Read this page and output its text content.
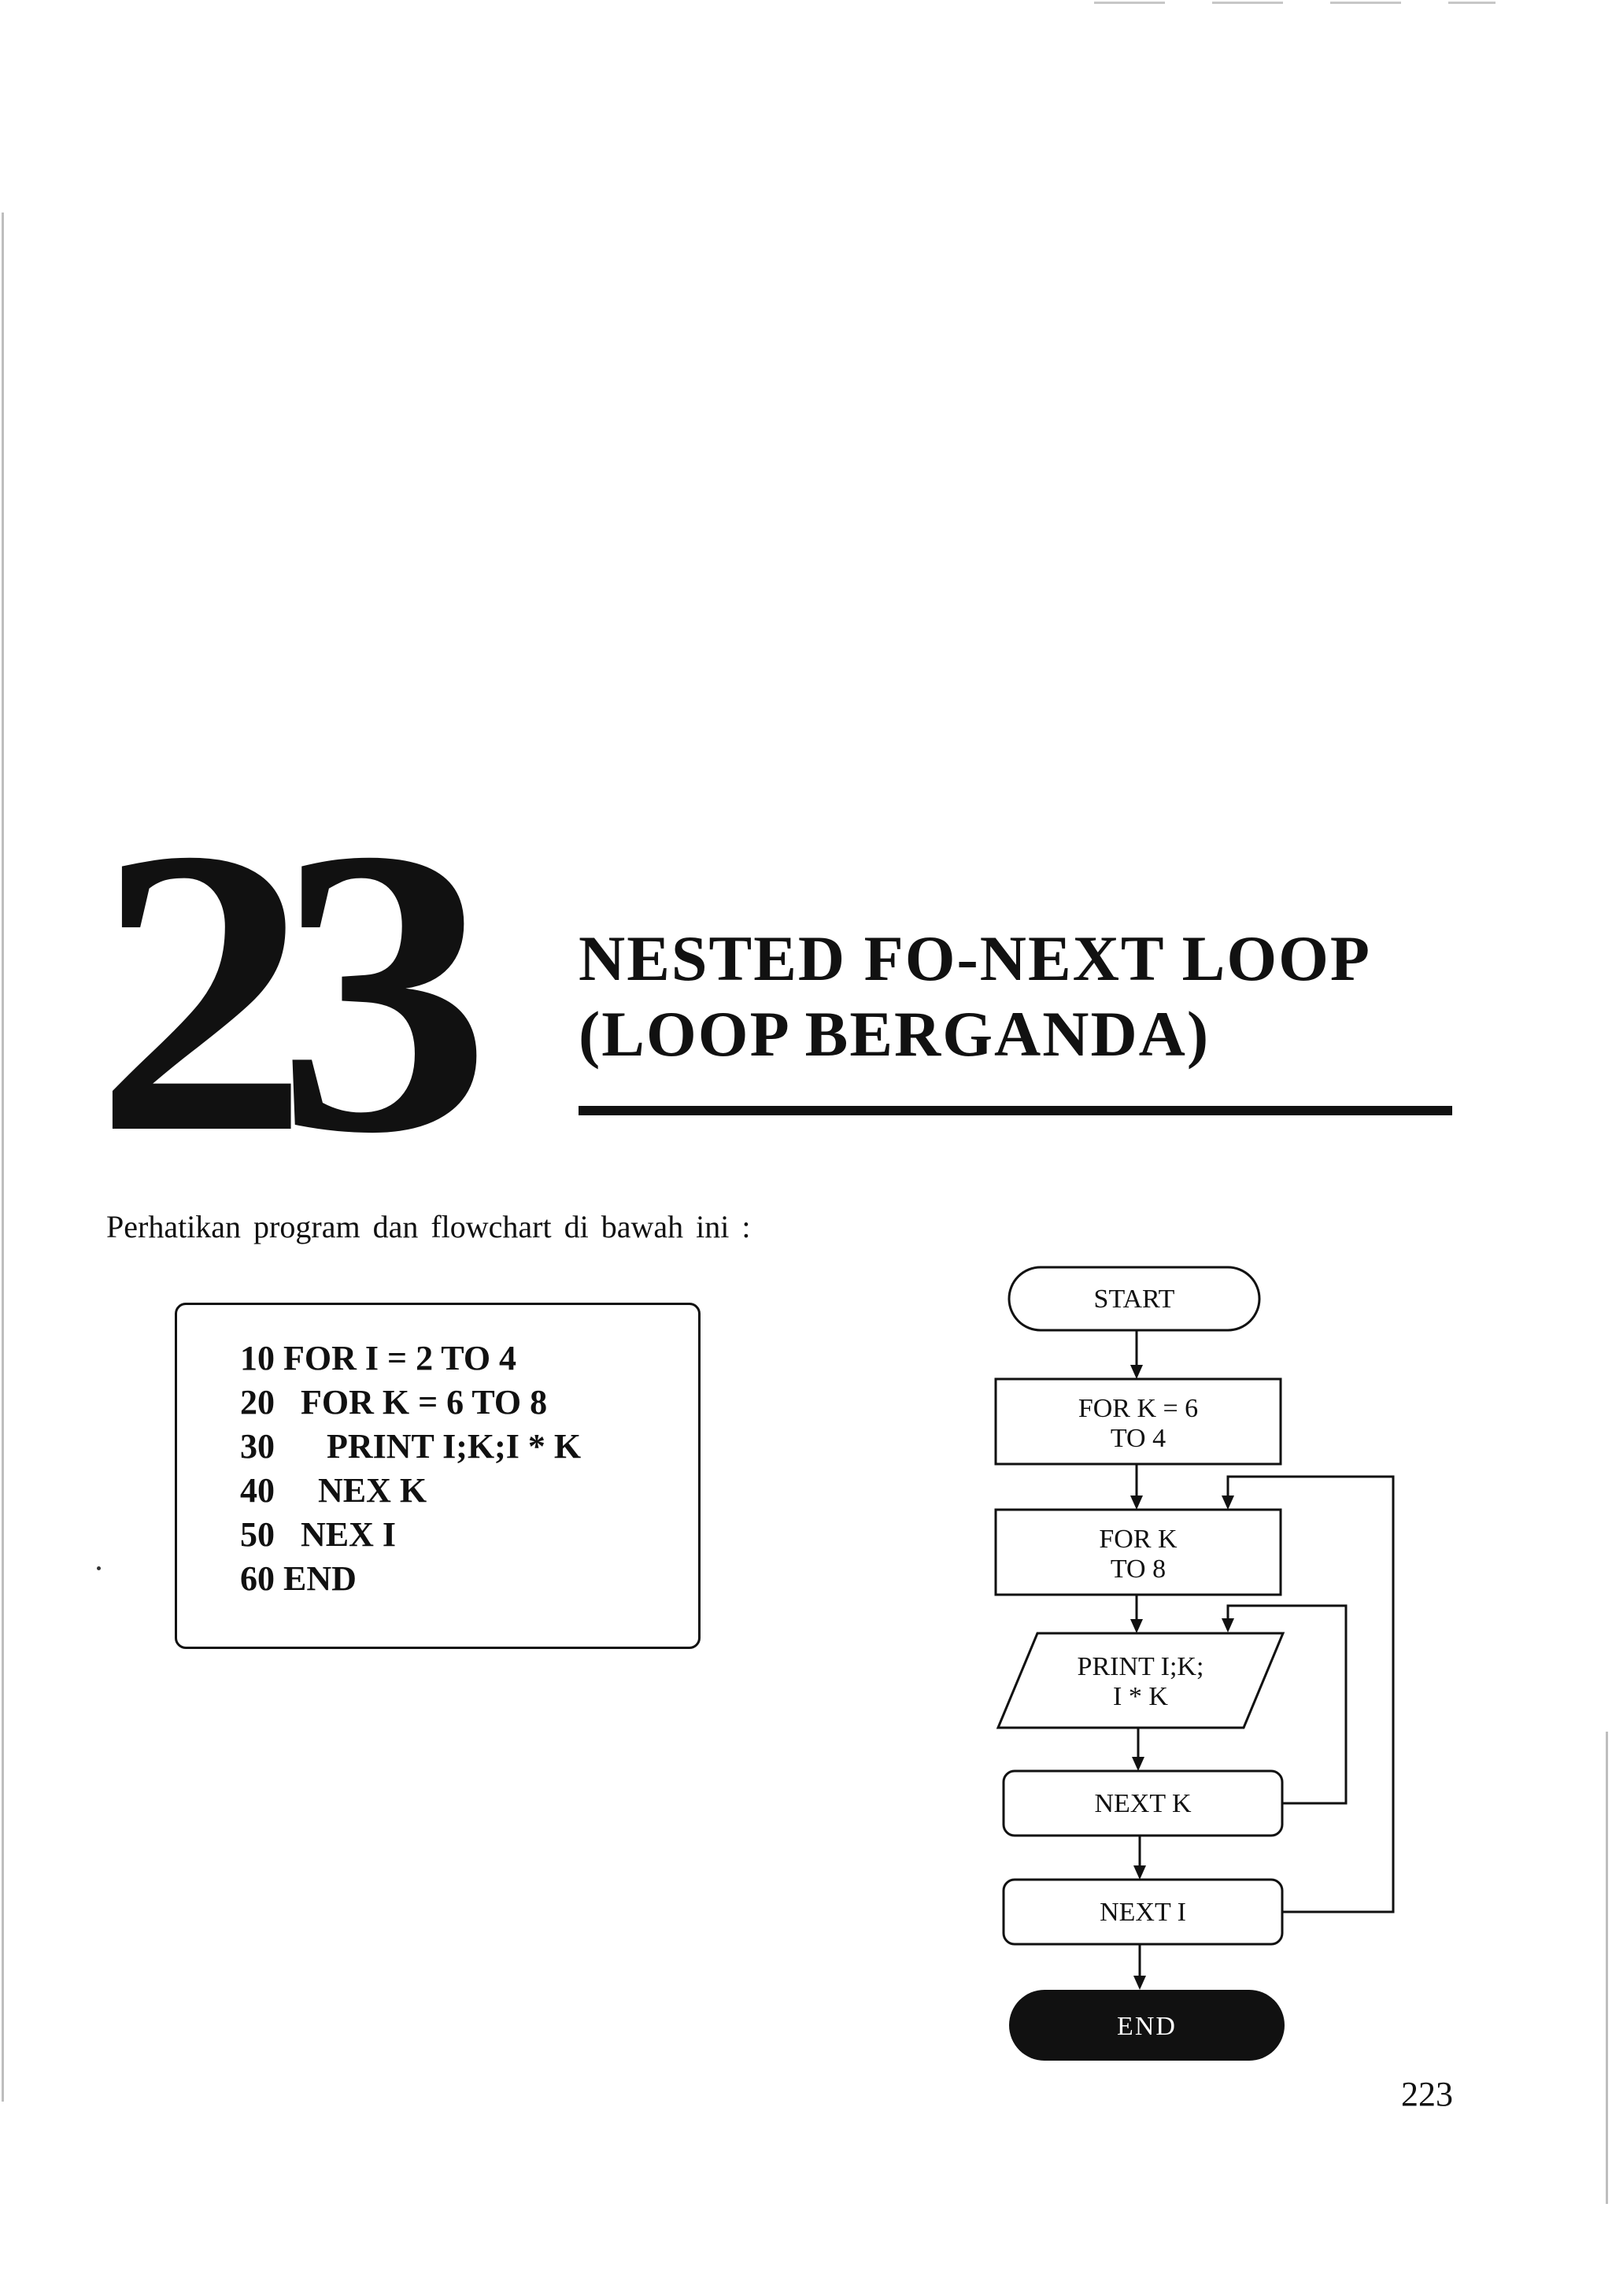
23 NESTED FO-NEXT LOOP
(LOOP BERGANDA)
Perhatikan program dan flowchart di bawah ini :
10 FOR I = 2 TO 4
20   FOR K = 6 TO 8
30      PRINT I;K;I * K
40     NEX K
50   NEX I
60 END
START
FOR K = 6
TO 4
FOR K
TO 8
PRINT I;K;
I * K
NEXT K
NEXT I
END
223
